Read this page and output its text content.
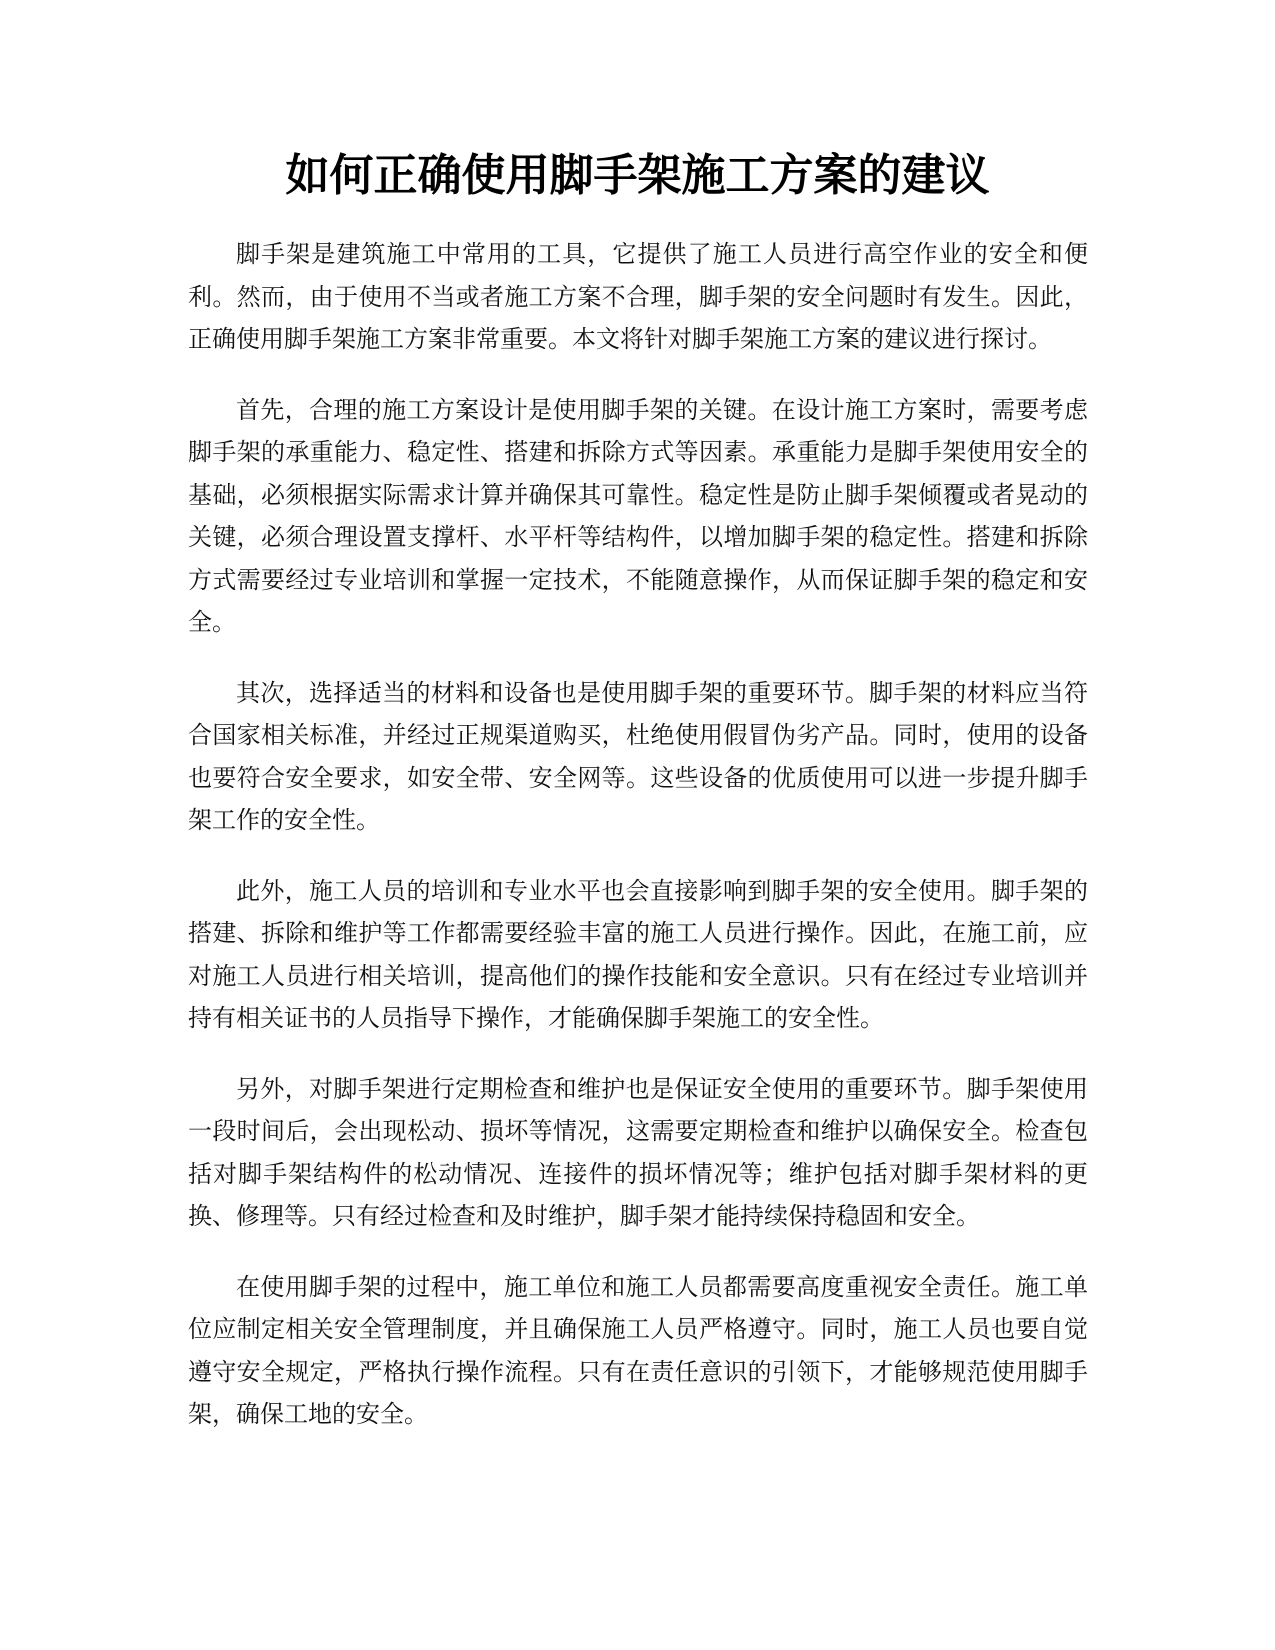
如何正确使用脚手架施工方案的建议

脚手架是建筑施工中常用的工具，它提供了施工人员进行高空作业的安全和便利。然而，由于使用不当或者施工方案不合理，脚手架的安全问题时有发生。因此，正确使用脚手架施工方案非常重要。本文将针对脚手架施工方案的建议进行探讨。

首先，合理的施工方案设计是使用脚手架的关键。在设计施工方案时，需要考虑脚手架的承重能力、稳定性、搭建和拆除方式等因素。承重能力是脚手架使用安全的基础，必须根据实际需求计算并确保其可靠性。稳定性是防止脚手架倾覆或者晃动的关键，必须合理设置支撑杆、水平杆等结构件，以增加脚手架的稳定性。搭建和拆除方式需要经过专业培训和掌握一定技术，不能随意操作，从而保证脚手架的稳定和安全。

其次，选择适当的材料和设备也是使用脚手架的重要环节。脚手架的材料应当符合国家相关标准，并经过正规渠道购买，杜绝使用假冒伪劣产品。同时，使用的设备也要符合安全要求，如安全带、安全网等。这些设备的优质使用可以进一步提升脚手架工作的安全性。

此外，施工人员的培训和专业水平也会直接影响到脚手架的安全使用。脚手架的搭建、拆除和维护等工作都需要经验丰富的施工人员进行操作。因此，在施工前，应对施工人员进行相关培训，提高他们的操作技能和安全意识。只有在经过专业培训并持有相关证书的人员指导下操作，才能确保脚手架施工的安全性。

另外，对脚手架进行定期检查和维护也是保证安全使用的重要环节。脚手架使用一段时间后，会出现松动、损坏等情况，这需要定期检查和维护以确保安全。检查包括对脚手架结构件的松动情况、连接件的损坏情况等；维护包括对脚手架材料的更换、修理等。只有经过检查和及时维护，脚手架才能持续保持稳固和安全。

在使用脚手架的过程中，施工单位和施工人员都需要高度重视安全责任。施工单位应制定相关安全管理制度，并且确保施工人员严格遵守。同时，施工人员也要自觉遵守安全规定，严格执行操作流程。只有在责任意识的引领下，才能够规范使用脚手架，确保工地的安全。
